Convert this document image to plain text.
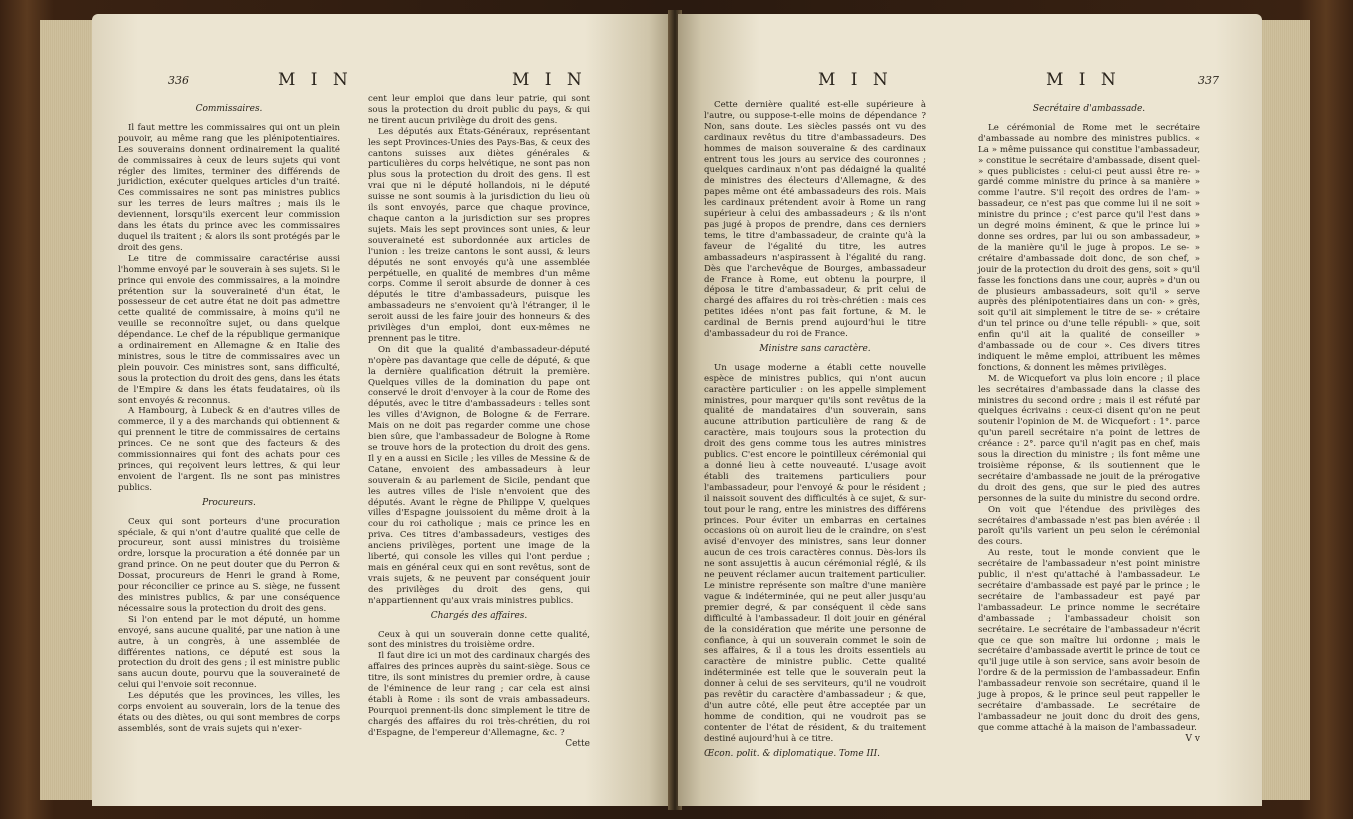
336	M I N	M I N

Commissaires.

Il faut mettre les commissaires qui ont un plein pouvoir, au même rang que les plénipotentiaires. Les souverains donnent ordinairement la qualité de commissaires à ceux de leurs sujets qui vont régler des limites, terminer des différends de juridiction, exécuter quelques articles d'un traité. Ces commissaires ne sont pas ministres publics sur les terres de leurs maîtres ; mais ils le deviennent, lorsqu'ils exercent leur commission dans les états du prince avec les commissaires duquel ils traitent ; & alors ils sont protégés par le droit des gens.

Le titre de commissaire caractérise aussi l'homme envoyé par le souverain à ses sujets. Si le prince qui envoie des commissaires, a la moindre prétention sur la souveraineté d'un état, le possesseur de cet autre état ne doit pas admettre cette qualité de commissaire, à moins qu'il ne veuille se reconnoître sujet, ou dans quelque dépendance. Le chef de la république germanique a ordinairement en Allemagne & en Italie des ministres, sous le titre de commissaires avec un plein pouvoir. Ces ministres sont, sans difficulté, sous la protection du droit des gens, dans les états de l'Empire & dans les états feudataires, où ils sont envoyés & reconnus.

A Hambourg, à Lubeck & en d'autres villes de commerce, il y a des marchands qui obtiennent & qui prennent le titre de commissaires de certains princes. Ce ne sont que des facteurs & des commissionnaires qui font des achats pour ces princes, qui reçoivent leurs lettres, & qui leur envoient de l'argent. Ils ne sont pas ministres publics.

Procureurs.

Ceux qui sont porteurs d'une procuration spéciale, & qui n'ont d'autre qualité que celle de procureur, sont aussi ministres du troisième ordre, lorsque la procuration a été donnée par un grand prince. On ne peut douter que du Perron & Dossat, procureurs de Henri le grand à Rome, pour réconcilier ce prince au S. siège, ne fussent des ministres publics, & par une conséquence nécessaire sous la protection du droit des gens.

Si l'on entend par le mot député, un homme envoyé, sans aucune qualité, par une nation à une autre, à un congrès, à une assemblée de différentes nations, ce député est sous la protection du droit des gens ; il est ministre public sans aucun doute, pourvu que la souveraineté de celui qui l'envoie soit reconnue.

Les députés que les provinces, les villes, les corps envoient au souverain, lors de la tenue des états ou des diètes, ou qui sont membres de corps assemblés, sont de vrais sujets qui n'exer-

cent leur emploi que dans leur patrie, qui sont sous la protection du droit public du pays, & qui ne tirent aucun privilège du droit des gens.

Les députés aux États-Généraux, représentant les sept Provinces-Unies des Pays-Bas, & ceux des cantons suisses aux diètes générales & particulières du corps helvétique, ne sont pas non plus sous la protection du droit des gens. Il est vrai que ni le député hollandois, ni le député suisse ne sont soumis à la jurisdiction du lieu où ils sont envoyés, parce que chaque province, chaque canton a la jurisdiction sur ses propres sujets. Mais les sept provinces sont unies, & leur souveraineté est subordonnée aux articles de l'union : les treize cantons le sont aussi, & leurs députés ne sont envoyés qu'à une assemblée perpétuelle, en qualité de membres d'un même corps. Comme il seroit absurde de donner à ces députés le titre d'ambassadeurs, puisque les ambassadeurs ne s'envoient qu'à l'étranger, il le seroit aussi de les faire jouir des honneurs & des privilèges d'un emploi, dont eux-mêmes ne prennent pas le titre.

On dit que la qualité d'ambassadeur-député n'opère pas davantage que celle de député, & que la dernière qualification détruit la première. Quelques villes de la domination du pape ont conservé le droit d'envoyer à la cour de Rome des députés, avec le titre d'ambassadeurs : telles sont les villes d'Avignon, de Bologne & de Ferrare. Mais on ne doit pas regarder comme une chose bien sûre, que l'ambassadeur de Bologne à Rome se trouve hors de la protection du droit des gens. Il y en a aussi en Sicile ; les villes de Messine & de Catane, envoient des ambassadeurs à leur souverain & au parlement de Sicile, pendant que les autres villes de l'isle n'envoient que des députés. Avant le règne de Philippe V, quelques villes d'Espagne jouissoient du même droit à la cour du roi catholique ; mais ce prince les en priva. Ces titres d'ambassadeurs, vestiges des anciens privilèges, portent une image de la liberté, qui console les villes qui l'ont perdue ; mais en général ceux qui en sont revêtus, sont de vrais sujets, & ne peuvent par conséquent jouir des privilèges du droit des gens, qui n'appartiennent qu'aux vrais ministres publics.

Chargés des affaires.

Ceux à qui un souverain donne cette qualité, sont des ministres du troisième ordre.

Il faut dire ici un mot des cardinaux chargés des affaires des princes auprès du saint-siège. Sous ce titre, ils sont ministres du premier ordre, à cause de l'éminence de leur rang ; car cela est ainsi établi à Rome : ils sont de vrais ambassadeurs. Pourquoi prennent-ils donc simplement le titre de chargés des affaires du roi très-chrétien, du roi d'Espagne, de l'empereur d'Allemagne, &c. ?

Cette

M I N	M I N	337

Cette dernière qualité est-elle supérieure à l'autre, ou suppose-t-elle moins de dépendance ? Non, sans doute. Les siècles passés ont vu des cardinaux revêtus du titre d'ambassadeurs. Des hommes de maison souveraine & des cardinaux entrent tous les jours au service des couronnes ; quelques cardinaux n'ont pas dédaigné la qualité de ministres des électeurs d'Allemagne, & des papes même ont été ambassadeurs des rois. Mais les cardinaux prétendent avoir à Rome un rang supérieur à celui des ambassadeurs ; & ils n'ont pas jugé à propos de prendre, dans ces derniers tems, le titre d'ambassadeur, de crainte qu'à la faveur de l'égalité du titre, les autres ambassadeurs n'aspirassent à l'égalité du rang. Dès que l'archevêque de Bourges, ambassadeur de France à Rome, eut obtenu la pourpre, il déposa le titre d'ambassadeur, & prit celui de chargé des affaires du roi très-chrétien : mais ces petites idées n'ont pas fait fortune, & M. le cardinal de Bernis prend aujourd'hui le titre d'ambassadeur du roi de France.

Ministre sans caractère.

Un usage moderne a établi cette nouvelle espèce de ministres publics, qui n'ont aucun caractère particulier : on les appelle simplement ministres, pour marquer qu'ils sont revêtus de la qualité de mandataires d'un souverain, sans aucune attribution particulière de rang & de caractère, mais toujours sous la protection du droit des gens comme tous les autres ministres publics. C'est encore le pointilleux cérémonial qui a donné lieu à cette nouveauté. L'usage avoit établi des traitemens particuliers pour l'ambassadeur, pour l'envoyé & pour le résident ; il naissoit souvent des difficultés à ce sujet, & sur-tout pour le rang, entre les ministres des différens princes. Pour éviter un embarras en certaines occasions où on auroit lieu de le craindre, on s'est avisé d'envoyer des ministres, sans leur donner aucun de ces trois caractères connus. Dès-lors ils ne sont assujettis à aucun cérémonial réglé, & ils ne peuvent réclamer aucun traitement particulier. Le ministre représente son maître d'une manière vague & indéterminée, qui ne peut aller jusqu'au premier degré, & par conséquent il cède sans difficulté à l'ambassadeur. Il doit jouir en général de la considération que mérite une personne de confiance, à qui un souverain commet le soin de ses affaires, & il a tous les droits essentiels au caractère de ministre public. Cette qualité indéterminée est telle que le souverain peut la donner à celui de ses serviteurs, qu'il ne voudroit pas revêtir du caractère d'ambassadeur ; & que, d'un autre côté, elle peut être acceptée par un homme de condition, qui ne voudroit pas se contenter de l'état de résident, & du traitement destiné aujourd'hui à ce titre.

Œcon. polit. & diplomatique. Tome III.

Secrétaire d'ambassade.

Le cérémonial de Rome met le secrétaire d'ambassade au nombre des ministres publics. « La » même puissance qui constitue l'ambassadeur, » constitue le secrétaire d'ambassade, disent quel- » ques publicistes : celui-ci peut aussi être re- » gardé comme ministre du prince à sa manière » comme l'autre. S'il reçoit des ordres de l'am- » bassadeur, ce n'est pas que comme lui il ne soit » ministre du prince ; c'est parce qu'il l'est dans » un degré moins éminent, & que le prince lui » donne ses ordres, par lui ou son ambassadeur, » de la manière qu'il le juge à propos. Le se- » crétaire d'ambassade doit donc, de son chef, » jouir de la protection du droit des gens, soit » qu'il fasse les fonctions dans une cour, auprès » d'un ou de plusieurs ambassadeurs, soit qu'il » serve auprès des plénipotentiaires dans un con- » grès, soit qu'il ait simplement le titre de se- » crétaire d'un tel prince ou d'une telle républi- » que, soit enfin qu'il ait la qualité de conseiller » d'ambassade ou de cour ». Ces divers titres indiquent le même emploi, attribuent les mêmes fonctions, & donnent les mêmes privilèges.

M. de Wicquefort va plus loin encore ; il place les secrétaires d'ambassade dans la classe des ministres du second ordre ; mais il est réfuté par quelques écrivains : ceux-ci disent qu'on ne peut soutenir l'opinion de M. de Wicquefort : 1°. parce qu'un pareil secrétaire n'a point de lettres de créance : 2°. parce qu'il n'agit pas en chef, mais sous la direction du ministre ; ils font même une troisième réponse, & ils soutiennent que le secrétaire d'ambassade ne jouit de la prérogative du droit des gens, que sur le pied des autres personnes de la suite du ministre du second ordre.

On voit que l'étendue des privilèges des secrétaires d'ambassade n'est pas bien avérée : il paroît qu'ils varient un peu selon le cérémonial des cours.

Au reste, tout le monde convient que le secrétaire de l'ambassadeur n'est point ministre public, il n'est qu'attaché à l'ambassadeur. Le secrétaire d'ambassade est payé par le prince ; le secrétaire de l'ambassadeur est payé par l'ambassadeur. Le prince nomme le secrétaire d'ambassade ; l'ambassadeur choisit son secrétaire. Le secrétaire de l'ambassadeur n'écrit que ce que son maître lui ordonne ; mais le secrétaire d'ambassade avertit le prince de tout ce qu'il juge utile à son service, sans avoir besoin de l'ordre & de la permission de l'ambassadeur. Enfin l'ambassadeur renvoie son secrétaire, quand il le juge à propos, & le prince seul peut rappeller le secrétaire d'ambassade. Le secrétaire de l'ambassadeur ne jouit donc du droit des gens, que comme attaché à la maison de l'ambassadeur.

V v
